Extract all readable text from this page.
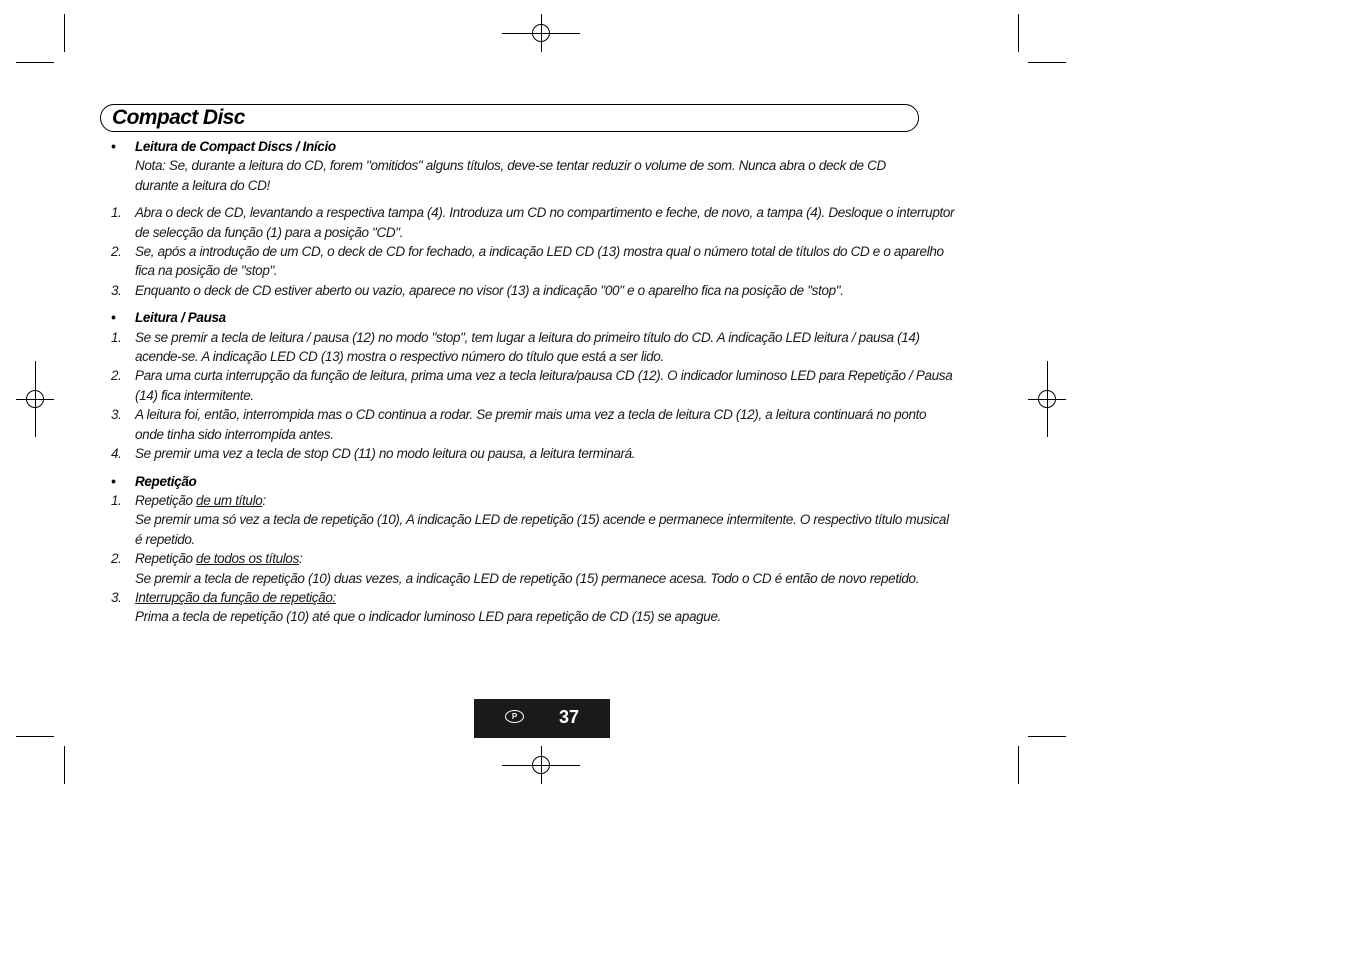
Compact Disc
• Leitura de Compact Discs / Início
Nota: Se, durante a leitura do CD, forem "omitidos" alguns títulos, deve-se tentar reduzir o volume de som. Nunca abra o deck de CD
durante a leitura do CD!
1. Abra o deck de CD, levantando a respectiva tampa (4). Introduza um CD no compartimento e feche, de novo, a tampa (4). Desloque o interruptor
de selecção da função (1) para a posição "CD".
2. Se, após a introdução de um CD, o deck de CD for fechado, a indicação LED CD (13) mostra qual o número total de títulos do CD e o aparelho
fica na posição de "stop".
3. Enquanto o deck de CD estiver aberto ou vazio, aparece no visor (13) a indicação "00" e o aparelho fica na posição de "stop".
• Leitura / Pausa
1. Se se premir a tecla de leitura / pausa (12) no modo "stop", tem lugar a leitura do primeiro título do CD. A indicação LED leitura / pausa (14)
acende-se. A indicação LED CD (13) mostra o respectivo número do título que está a ser lido.
2. Para uma curta interrupção da função de leitura, prima uma vez a tecla leitura/pausa CD (12). O indicador luminoso LED para Repetição / Pausa
(14) fica intermitente.
3. A leitura foi, então, interrompida mas o CD continua a rodar. Se premir mais uma vez a tecla de leitura CD (12), a leitura continuará no ponto
onde tinha sido interrompida antes.
4. Se premir uma vez a tecla de stop CD (11) no modo leitura ou pausa, a leitura terminará.
• Repetição
1. Repetição de um título:
Se premir uma só vez a tecla de repetição (10), A indicação LED de repetição (15) acende e permanece intermitente. O respectivo título musical
é repetido.
2. Repetição de todos os títulos:
Se premir a tecla de repetição (10) duas vezes, a indicação LED de repetição (15) permanece acesa. Todo o CD é então de novo repetido.
3. Interrupção da função de repetição:
Prima a tecla de repetição (10) até que o indicador luminoso LED para repetição de CD (15) se apague.
P	37
